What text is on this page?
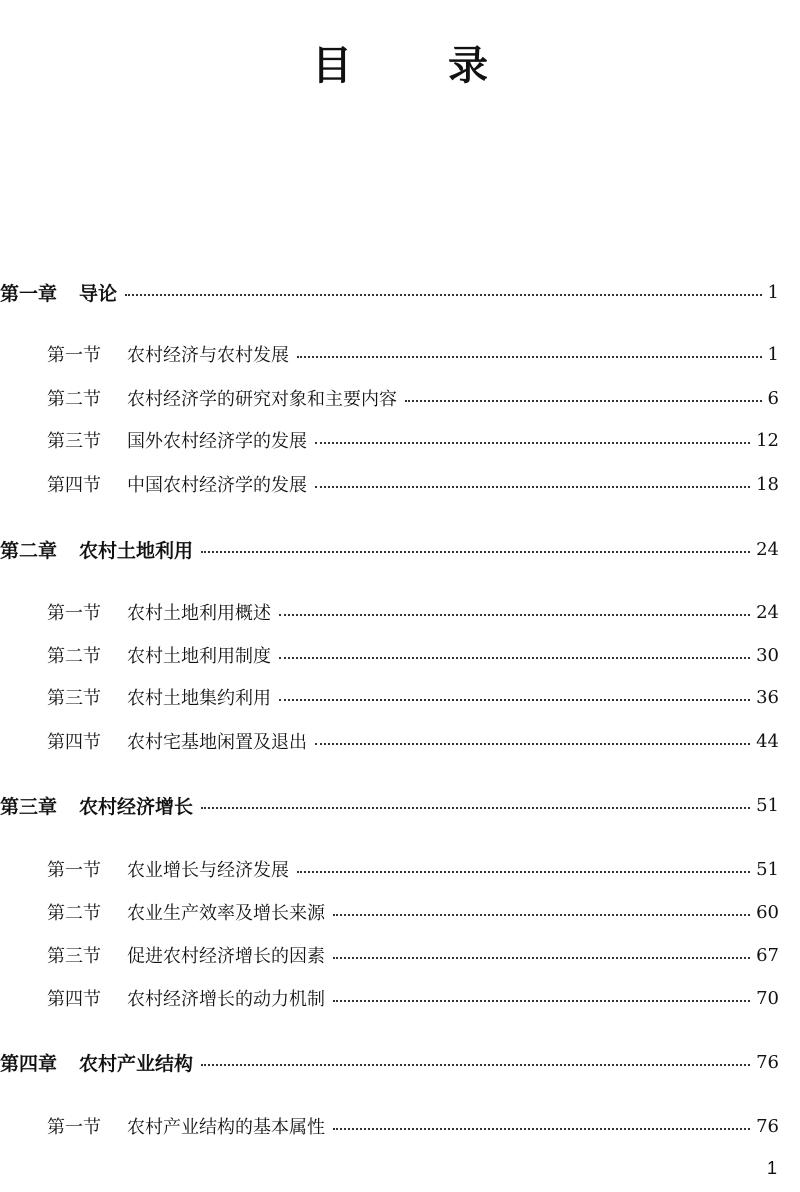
目　录
第一章 导论	1
第一节 农村经济与农村发展	1
第二节 农村经济学的研究对象和主要内容	6
第三节 国外农村经济学的发展	12
第四节 中国农村经济学的发展	18
第二章 农村土地利用	24
第一节 农村土地利用概述	24
第二节 农村土地利用制度	30
第三节 农村土地集约利用	36
第四节 农村宅基地闲置及退出	44
第三章 农村经济增长	51
第一节 农业增长与经济发展	51
第二节 农业生产效率及增长来源	60
第三节 促进农村经济增长的因素	67
第四节 农村经济增长的动力机制	70
第四章 农村产业结构	76
第一节 农村产业结构的基本属性	76
1
